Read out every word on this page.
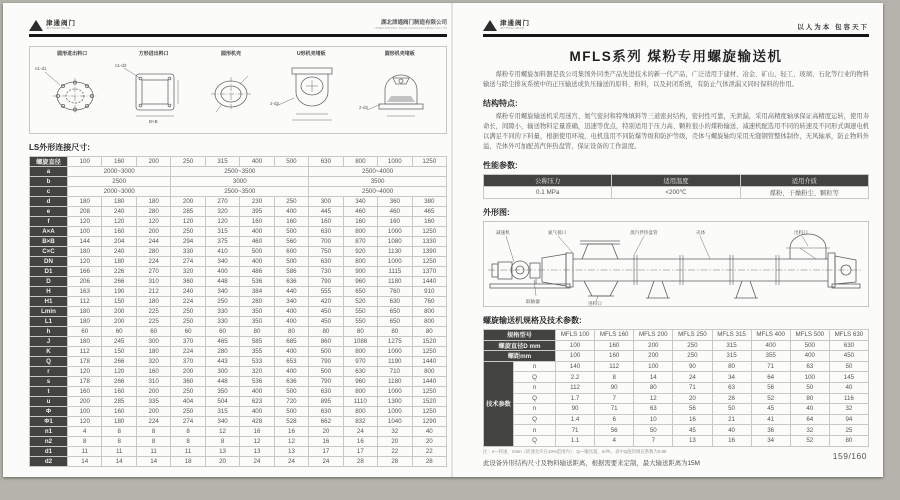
津通阀门
JIN TONG VALVE
湖北津通阀门制造有限公司
HUBEI JINTONG VALVE MANUFACTURING CO.,LTD
圆形进出料口
n1-d1
方形进出料口
n1-d2
B×B
圆形机壳	U形机壳堵板
2-d2
圆形机壳堵板
2-d2
LS外形连接尺寸:
螺旋直径	100	160	200	250	315	400	500	630	800	1000	1250
a	2000~3000			2500~3500				2500~4000			
b	2500			3000				3500			
c	2000~3000			2500~3500				2500~4000			
d	180	180	180	200	270	230	250	300	340	360	380
e	208	240	280	285	320	395	400	445	460	460	465
f	120	120	120	120	120	160	160	160	160	160	160
A×A	100	160	200	250	315	400	500	630	800	1000	1250
B×B	144	204	244	294	375	460	560	700	870	1080	1330
C×C	180	240	280	330	410	500	600	750	920	1130	1390
DN	120	180	224	274	340	400	500	630	800	1000	1250
D1	166	226	270	320	400	486	586	730	900	1115	1370
D	206	266	310	360	448	536	636	790	960	1180	1440
H	163	190	212	240	340	384	440	555	650	760	910
H1	112	150	180	224	250	280	340	420	520	630	760
Lmin	180	200	225	250	330	350	400	450	550	650	800
L1	180	200	225	250	330	350	400	450	550	650	800
h	60	60	60	60	60	80	80	80	80	80	80
J	180	245	300	370	465	585	685	860	1088	1275	1520
K	112	150	180	224	280	355	400	500	800	1000	1250
Q	178	266	320	370	443	533	653	790	970	1190	1440
r	120	120	160	200	300	320	400	500	630	710	800
s	178	266	310	360	448	536	636	790	960	1180	1440
t	160	160	200	250	350	400	500	630	800	1000	1250
u	200	285	335	404	504	623	720	895	1110	1300	1520
Φ	100	160	200	250	315	400	500	630	800	1000	1250
Φ1	120	180	224	274	340	428	528	662	832	1040	1290
n1	4	8	8	8	12	16	16	20	24	32	40
n2	8	8	8	8	8	12	12	16	16	20	20
d1	11	11	11	11	13	13	13	17	17	22	22
d2	14	14	14	18	20	24	24	24	28	28	28
津通阀门
JIN TONG VALVE	以人为本 包容天下
MFLS系列 煤粉专用螺旋输送机
煤粉专用螺旋加料器是我公司集国外同类产品先进技术的新一代产品，广泛适用于建材、冶金、矿山、轻工、玻璃、石化等行业的物料输送与除尘排灰系统中的正压输送或负压输送的原料、粉料，以及封闭系统，有防止气体泄漏又同时保料的作用。
结构特点:
煤粉专用螺旋输送机采用迷宫、氮气密封和特殊填料等三道密封结构，密封性可靠，无泄漏，采用高精度轴承保证高精度运转，使用寿命长，间隙小，输送物料定量准确，迅速等优点，特别适用于压力高、颗粒很小的煤粉输送，减速机配选用不同的转速及不同形式调速电机以满足不同的下料量，根据使用环境，电机选用不同防爆等级和防护等级，壳体与螺旋轴均采用无缝钢管整体制作，无风轴承，防止物料外溢，壳体外可加配蒸汽伴热盘管，保证设备的工作温度。
性能参数:
公称压力	适用温度	适用介质
0.1 MPa	<200℃	煤粉、干燥粉尘、颗粒等
外形图:
减速机	氮气接口	蒸汽伴热盘管	壳体	出料口
联轴器	进料口
螺旋输送机规格及技术参数:
规格型号		MFLS 100	MFLS 160	MFLS 200	MFLS 250	MFLS 315	MFLS 400	MFLS 500	MFLS 630
螺旋直径D mm		100	160	200	250	315	400	500	630
螺距mm		100	160	200	250	315	355	400	450
技术参数	n	140	112	100	90	80	71	63	50
	Q	2.2	8	14	24	34	64	100	145
	n	112	90	80	71	63	56	50	40
	Q	1.7	7	12	20	26	52	80	116
	n	90	71	63	56	50	45	40	32
	Q	1.4	6	10	16	21	41	64	94
	n	71	56	50	45	40	36	32	25
	Q	1.1	4	7	13	16	34	52	80
注：n—转速，r/min（转速允许在10%范围内）；Q—输送量，m³/h，表中Q值的填充系数为0.85
此设备外形结构尺寸及物料输送距离，根据需要来定制，最大输送距离为15M
159/160
